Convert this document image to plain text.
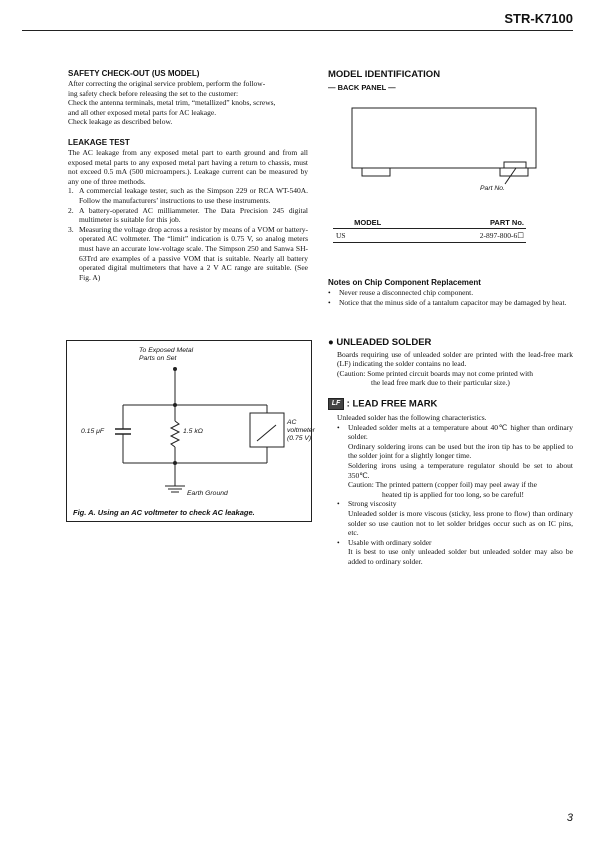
STR-K7100
SAFETY CHECK-OUT (US MODEL)

After correcting the original service problem, perform the follow-

ing safety check before releasing the set to the customer:

Check the antenna terminals, metal trim, “metallized” knobs, screws,

and all other exposed metal parts for AC leakage.

Check leakage as described below.

LEAKAGE TEST

The AC leakage from any exposed metal part to earth ground and from all exposed metal parts to any exposed metal part having a return to chassis, must not exceed 0.5 mA (500 microampers.). Leakage current can be measured by any one of three methods.

1. A commercial leakage tester, such as the Simpson 229 or RCA WT-540A. Follow the manufacturers’ instructions to use these instruments.
2. A battery-operated AC milliammeter. The Data Precision 245 digital multimeter is suitable for this job.
3. Measuring the voltage drop across a resistor by means of a VOM or battery-operated AC voltmeter. The “limit” indication is 0.75 V, so analog meters must have an accurate low-voltage scale. The Simpson 250 and Sanwa SH-63Trd are examples of a passive VOM that is suitable. Nearly all battery operated digital multimeters that have a 2 V AC range are suitable. (See Fig. A)
To Exposed Metal
Parts on Set
0.15 μF	1.5 kΩ
AC
voltmeter
(0.75 V)
Earth Ground
Fig. A. Using an AC voltmeter to check AC leakage.
MODEL IDENTIFICATION
— BACK PANEL —
Part No.
MODEL	PART No.
US	2-897-800-6☐
Notes on Chip Component Replacement
• Never reuse a disconnected chip component.
• Notice that the minus side of a tantalum capacitor may be damaged by heat.
● UNLEADED SOLDER

Boards requiring use of unleaded solder are printed with the lead-free mark (LF) indicating the solder contains no lead.

(Caution: Some printed circuit boards may not come printed with

the lead free mark due to their particular size.)

LF : LEAD FREE MARK

Unleaded solder has the following characteristics.

• Unleaded solder melts at a temperature about 40℃ higher than ordinary solder.

Ordinary soldering irons can be used but the iron tip has to be applied to the solder joint for a slightly longer time.

Soldering irons using a temperature regulator should be set to about 350℃.

Caution: The printed pattern (copper foil) may peel away if the

heated tip is applied for too long, so be careful!

• Strong viscosity

Unleaded solder is more viscous (sticky, less prone to flow) than ordinary solder so use caution not to let solder bridges occur such as on IC pins, etc.

• Usable with ordinary solder

It is best to use only unleaded solder but unleaded solder may also be added to ordinary solder.

3
